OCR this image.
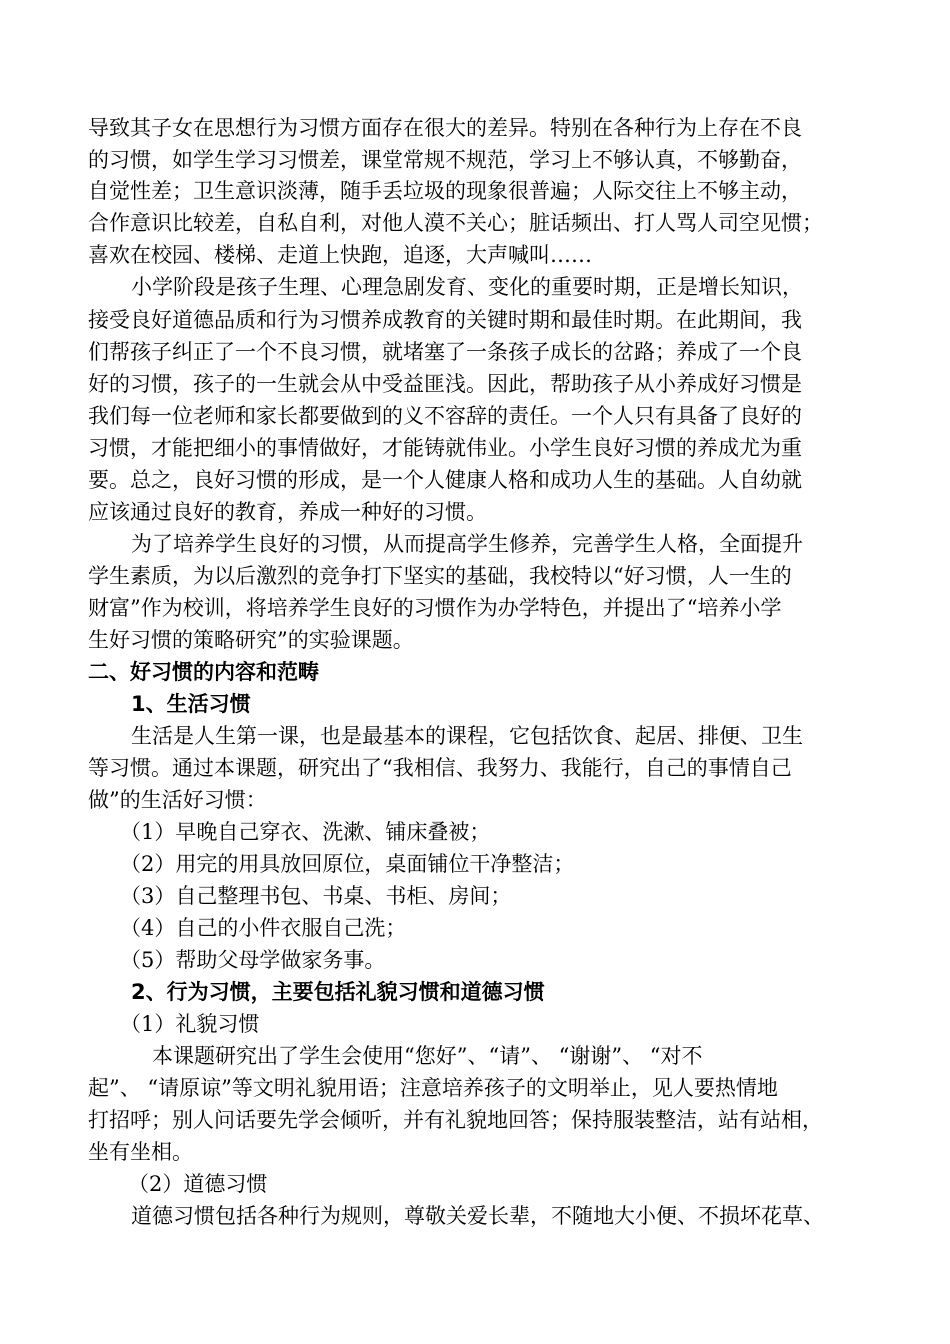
导致其子女在思想行为习惯方面存在很大的差异。特别在各种行为上存在不良
的习惯，如学生学习习惯差，课堂常规不规范，学习上不够认真，不够勤奋，
自觉性差；卫生意识淡薄，随手丢垃圾的现象很普遍；人际交往上不够主动，
合作意识比较差，自私自利，对他人漠不关心；脏话频出、打人骂人司空见惯；
喜欢在校园、楼梯、走道上快跑，追逐，大声喊叫……
小学阶段是孩子生理、心理急剧发育、变化的重要时期，正是增长知识，
接受良好道德品质和行为习惯养成教育的关键时期和最佳时期。在此期间，我
们帮孩子纠正了一个不良习惯，就堵塞了一条孩子成长的岔路；养成了一个良
好的习惯，孩子的一生就会从中受益匪浅。因此，帮助孩子从小养成好习惯是
我们每一位老师和家长都要做到的义不容辞的责任。一个人只有具备了良好的
习惯，才能把细小的事情做好，才能铸就伟业。小学生良好习惯的养成尤为重
要。总之，良好习惯的形成，是一个人健康人格和成功人生的基础。人自幼就
应该通过良好的教育，养成一种好的习惯。
为了培养学生良好的习惯，从而提高学生修养，完善学生人格，全面提升
学生素质，为以后激烈的竞争打下坚实的基础，我校特以“好习惯，人一生的
财富”作为校训，将培养学生良好的习惯作为办学特色，并提出了“培养小学
生好习惯的策略研究”的实验课题。
二、好习惯的内容和范畴
1、生活习惯
生活是人生第一课，也是最基本的课程，它包括饮食、起居、排便、卫生
等习惯。通过本课题，研究出了“我相信、我努力、我能行，自己的事情自己
做”的生活好习惯：
（1）早晚自己穿衣、洗漱、铺床叠被；
（2）用完的用具放回原位，桌面铺位干净整洁；
（3）自己整理书包、书桌、书柜、房间；
（4）自己的小件衣服自己洗；
（5）帮助父母学做家务事。
2、行为习惯，主要包括礼貌习惯和道德习惯
（1）礼貌习惯
本课题研究出了学生会使用“您好”、“请”、 “谢谢”、 “对不
起”、 “请原谅”等文明礼貌用语；注意培养孩子的文明举止，见人要热情地
打招呼；别人问话要先学会倾听，并有礼貌地回答；保持服装整洁，站有站相，
坐有坐相。
（2）道德习惯
道德习惯包括各种行为规则，尊敬关爱长辈，不随地大小便、不损坏花草、
